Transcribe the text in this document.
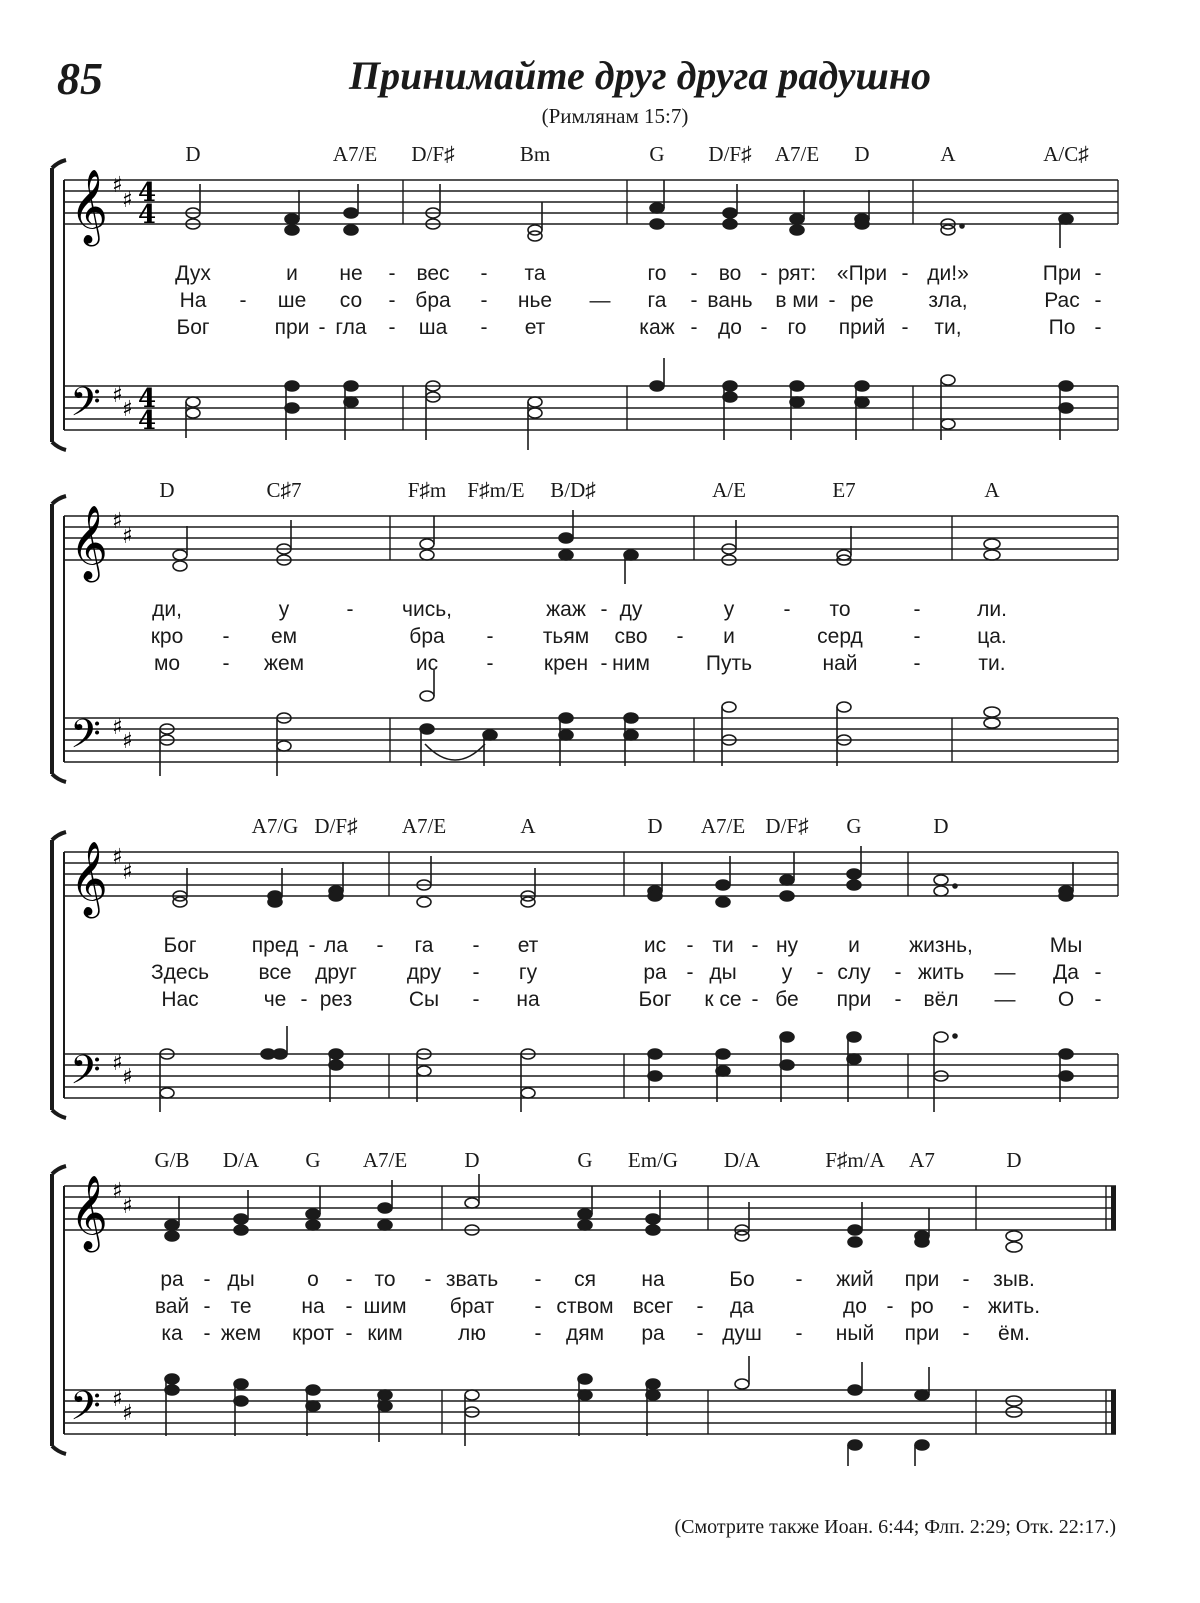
85	Принимайте друг друга радушно
(Римлянам 15:7)
D	A7/E D/F♯	Bm	G D/F♯ A7/E D	A	A/C♯
𝄞
𝄢
♯
♯
♯
♯
4
4
4
4
Дух	и не - вес - та	го - во - рят: «При - ди!»	При -
На - ше со - бра - нье — га - вань в ми - ре	зла,	Рас -
Бог	при - гла - ша - ет	каж - до - го прий - ти,	По -
D	C♯7	F♯m F♯m/E B/D♯	A/E	E7	A
𝄞
𝄢
♯
♯
♯
♯
ди,	у	- чись,	жаж - ду	у - то	-	ли.
кро - ем	бра - тьям сво - и	серд -	ца.
мо - жем	ис - крен - ним	Путь	най	-	ти.
A7/G D/F♯ A7/E	A	D A7/E D/F♯ G	D
𝄞
𝄢
♯
♯
♯
♯
Бог	пред - ла - га - ет	ис - ти - ну и жизнь,	Мы
Здесь все друг дру - гу	ра - ды у - слу - жить — Да -
Нас	че - рез	Сы - на	Бог к се - бе при - вёл — О -
G/B D/A G A7/E	D	G Em/G D/A	F♯m/A A7	D
𝄞
𝄢
♯
♯
♯
♯
ра - ды о - то - звать - ся на	Бо - жий при - зыв.
вай - те на - шим брат - ством всег - да	до - ро - жить.
ка - жем крот - ким	лю - дям ра - душ - ный при - ём.
(Смотрите также Иоан. 6:44; Флп. 2:29; Отк. 22:17.)
